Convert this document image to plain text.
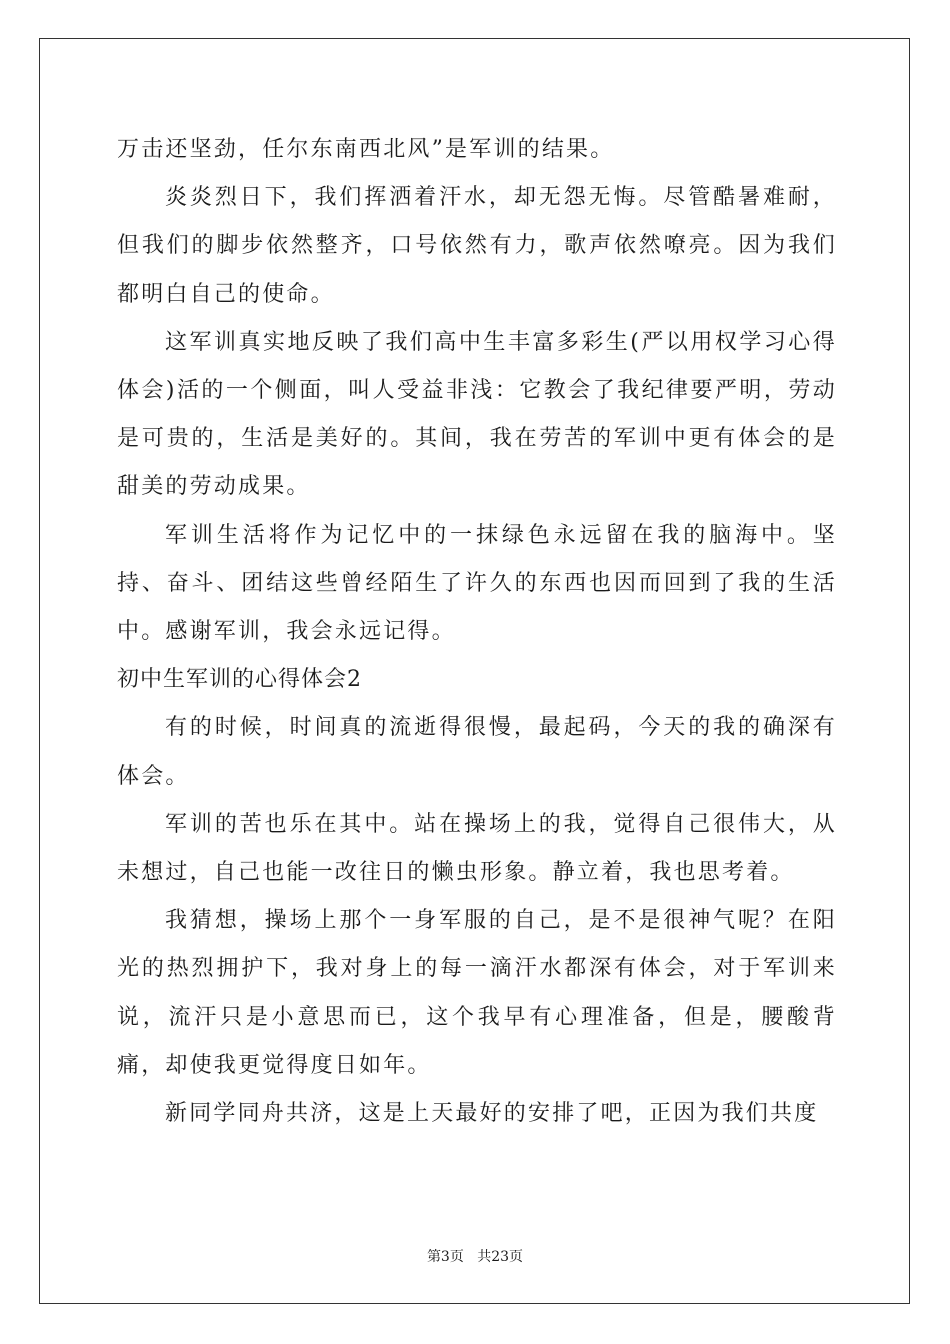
万击还坚劲，任尔东南西北风”是军训的结果。

炎炎烈日下，我们挥洒着汗水，却无怨无悔。尽管酷暑难耐，但我们的脚步依然整齐，口号依然有力，歌声依然嘹亮。因为我们都明白自己的使命。

这军训真实地反映了我们高中生丰富多彩生(严以用权学习心得体会)活的一个侧面，叫人受益非浅：它教会了我纪律要严明，劳动是可贵的，生活是美好的。其间，我在劳苦的军训中更有体会的是甜美的劳动成果。

军训生活将作为记忆中的一抹绿色永远留在我的脑海中。坚持、奋斗、团结这些曾经陌生了许久的东西也因而回到了我的生活中。感谢军训，我会永远记得。

初中生军训的心得体会2

有的时候，时间真的流逝得很慢，最起码，今天的我的确深有体会。

军训的苦也乐在其中。站在操场上的我，觉得自己很伟大，从未想过，自己也能一改往日的懒虫形象。静立着，我也思考着。

我猜想，操场上那个一身军服的自己，是不是很神气呢？在阳光的热烈拥护下，我对身上的每一滴汗水都深有体会，对于军训来说，流汗只是小意思而已，这个我早有心理准备，但是，腰酸背痛，却使我更觉得度日如年。

新同学同舟共济，这是上天最好的安排了吧，正因为我们共度

第3页 共23页
